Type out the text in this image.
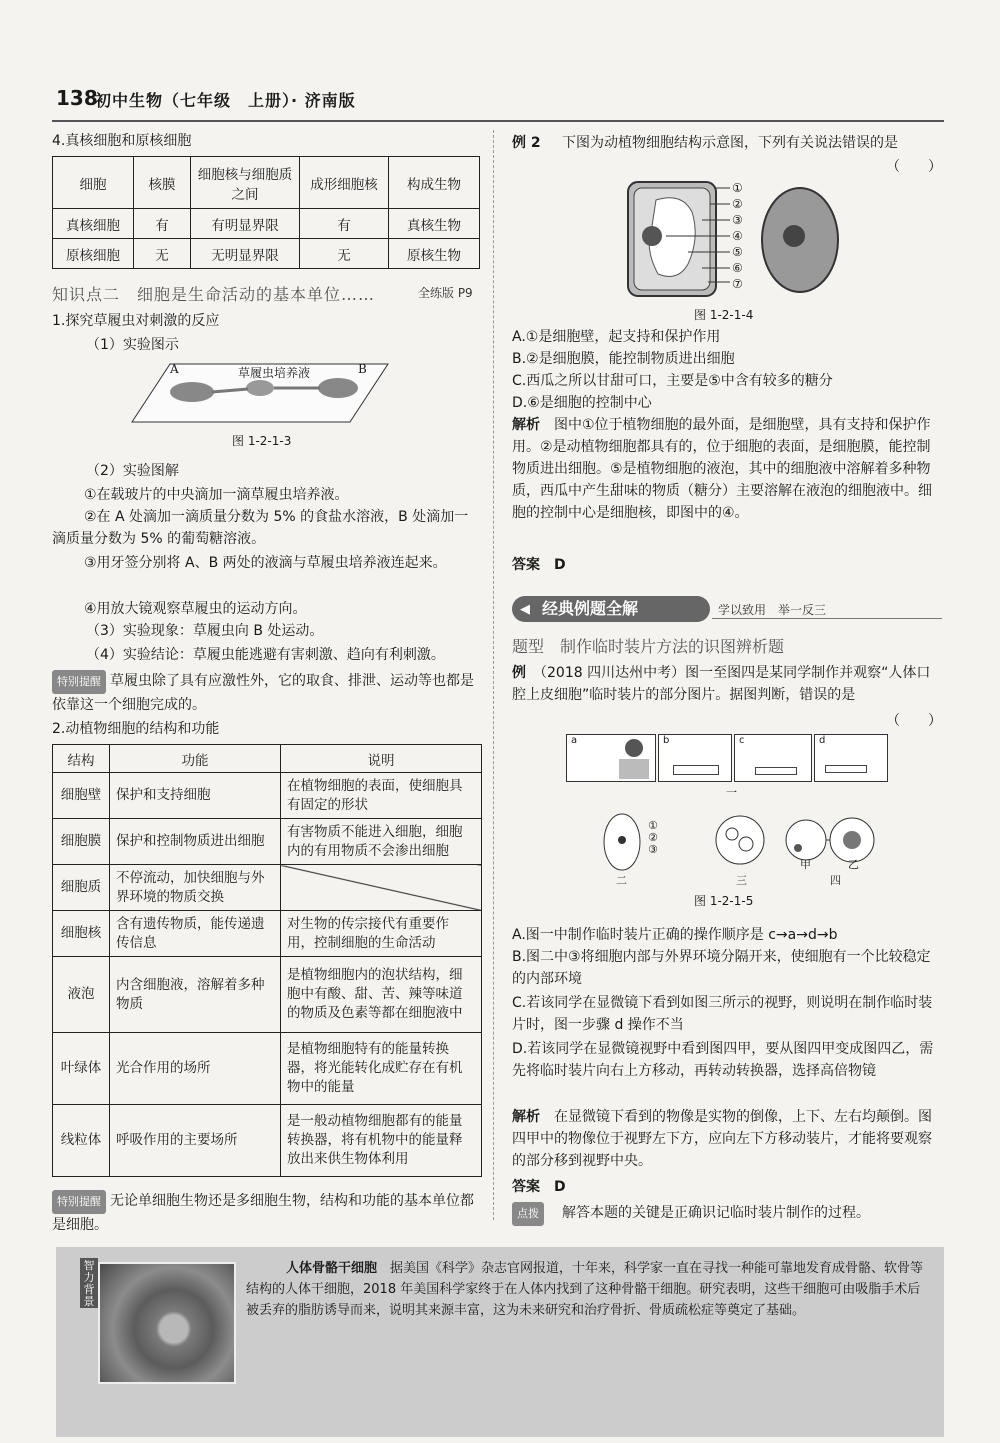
138
初中生物（七年级　上册）· 济南版
4.真核细胞和原核细胞
细胞	核膜	细胞核与细胞质之间	成形细胞核	构成生物
真核细胞	有	有明显界限	有	真核生物
原核细胞	无	无明显界限	无	原核生物
知识点二　细胞是生命活动的基本单位……	全练版 P9
1.探究草履虫对刺激的反应
（1）实验图示
A	草履虫培养液	B
图 1-2-1-3
（2）实验图解
①在载玻片的中央滴加一滴草履虫培养液。
②在 A 处滴加一滴质量分数为 5% 的食盐水溶液，B 处滴加一滴质量分数为 5% 的葡萄糖溶液。
③用牙签分别将 A、B 两处的液滴与草履虫培养液连起来。
④用放大镜观察草履虫的运动方向。
（3）实验现象：草履虫向 B 处运动。
（4）实验结论：草履虫能逃避有害刺激、趋向有利刺激。
特别提醒 草履虫除了具有应激性外，它的取食、排泄、运动等也都是依靠这一个细胞完成的。
2.动植物细胞的结构和功能
结构	功能	说明
细胞壁	保护和支持细胞	在植物细胞的表面，使细胞具有固定的形状
细胞膜	保护和控制物质进出细胞	有害物质不能进入细胞，细胞内的有用物质不会渗出细胞
细胞质	不停流动，加快细胞与外界环境的物质交换	
细胞核	含有遗传物质，能传递遗传信息	对生物的传宗接代有重要作用，控制细胞的生命活动
液泡	内含细胞液，溶解着多种物质	是植物细胞内的泡状结构，细胞中有酸、甜、苦、辣等味道的物质及色素等都在细胞液中
叶绿体	光合作用的场所	是植物细胞特有的能量转换器，将光能转化成贮存在有机物中的能量
线粒体	呼吸作用的主要场所	是一般动植物细胞都有的能量转换器，将有机物中的能量释放出来供生物体利用
特别提醒 无论单细胞生物还是多细胞生物，结构和功能的基本单位都是细胞。
例 2 下图为动植物细胞结构示意图，下列有关说法错误的是
（　　）
①
②
③
④
⑤
⑥
⑦
图 1-2-1-4
A.①是细胞壁，起支持和保护作用
B.②是细胞膜，能控制物质进出细胞
C.西瓜之所以甘甜可口，主要是⑤中含有较多的糖分
D.⑥是细胞的控制中心
解析　 图中①位于植物细胞的最外面，是细胞壁，具有支持和保护作用。②是动植物细胞都具有的，位于细胞的表面，是细胞膜，能控制物质进出细胞。⑤是植物细胞的液泡，其中的细胞液中溶解着多种物质，西瓜中产生甜味的物质（糖分）主要溶解在液泡的细胞液中。细胞的控制中心是细胞核，即图中的④。
答案　 D
经典例题全解
◀	学以致用　举一反三
题型　制作临时装片方法的识图辨析题
例　 （2018 四川达州中考）图一至图四是某同学制作并观察“人体口腔上皮细胞”临时装片的部分图片。据图判断，错误的是
（　　）
a	b	c	d
一
①
②
③
甲	乙
二	三	四
图 1-2-1-5
A.图一中制作临时装片正确的操作顺序是 c→a→d→b
B.图二中③将细胞内部与外界环境分隔开来，使细胞有一个比较稳定的内部环境
C.若该同学在显微镜下看到如图三所示的视野，则说明在制作临时装片时，图一步骤 d 操作不当
D.若该同学在显微镜视野中看到图四甲，要从图四甲变成图四乙，需先将临时装片向右上方移动，再转动转换器，选择高倍物镜
解析　 在显微镜下看到的物像是实物的倒像，上下、左右均颠倒。图四甲中的物像位于视野左下方，应向左下方移动装片，才能将要观察的部分移到视野中央。
答案　 D
点拨　 解答本题的关键是正确识记临时装片制作的过程。
智力背景
人体骨骼干细胞　 据美国《科学》杂志官网报道，十年来，科学家一直在寻找一种能可靠地发育成骨骼、软骨等结构的人体干细胞，2018 年美国科学家终于在人体内找到了这种骨骼干细胞。研究表明，这些干细胞可由吸脂手术后被丢弃的脂肪诱导而来，说明其来源丰富，这为未来研究和治疗骨折、骨质疏松症等奠定了基础。
